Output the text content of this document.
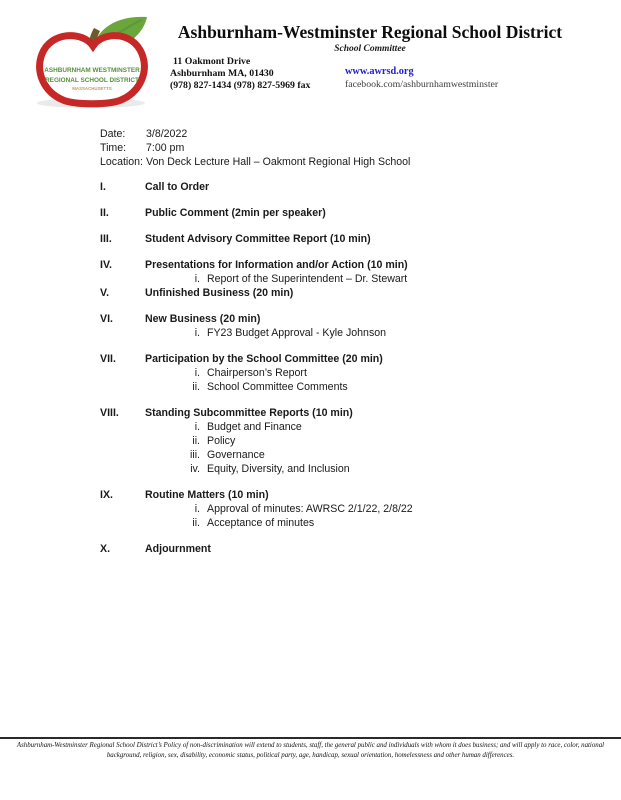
ASHBURNHAM WESTMINSTER
REGIONAL SCHOOL DISTRICT
MASSACHUSETTS
Ashburnham-Westminster Regional School District
School Committee
11 Oakmont Drive
Ashburnham MA, 01430
(978) 827-1434 (978) 827-5969 fax
www.awrsd.org
facebook.com/ashburnhamwestminster
Date:	3/8/2022
Time:	7:00 pm
Location: Von Deck Lecture Hall – Oakmont Regional High School
I.	Call to Order
II.	Public Comment (2min per speaker)
III.	Student Advisory Committee Report (10 min)
IV.	Presentations for Information and/or Action (10 min)
i. Report of the Superintendent – Dr. Stewart
V.	Unfinished Business (20 min)
VI.	New Business (20 min)
i. FY23 Budget Approval - Kyle Johnson
VII.	Participation by the School Committee (20 min)
i. Chairperson’s Report
ii. School Committee Comments
VIII.	Standing Subcommittee Reports (10 min)
i. Budget and Finance
ii. Policy
iii. Governance
iv. Equity, Diversity, and Inclusion
IX.	Routine Matters (10 min)
i. Approval of minutes: AWRSC 2/1/22, 2/8/22
ii. Acceptance of minutes
X.	Adjournment
Ashburnham-Westminster Regional School District’s Policy of non-discrimination will extend to students, staff, the general public and individuals with whom it does business; and will apply to race, color, national
background, religion, sex, disability, economic status, political party, age, handicap, sexual orientation, homelessness and other human differences.
